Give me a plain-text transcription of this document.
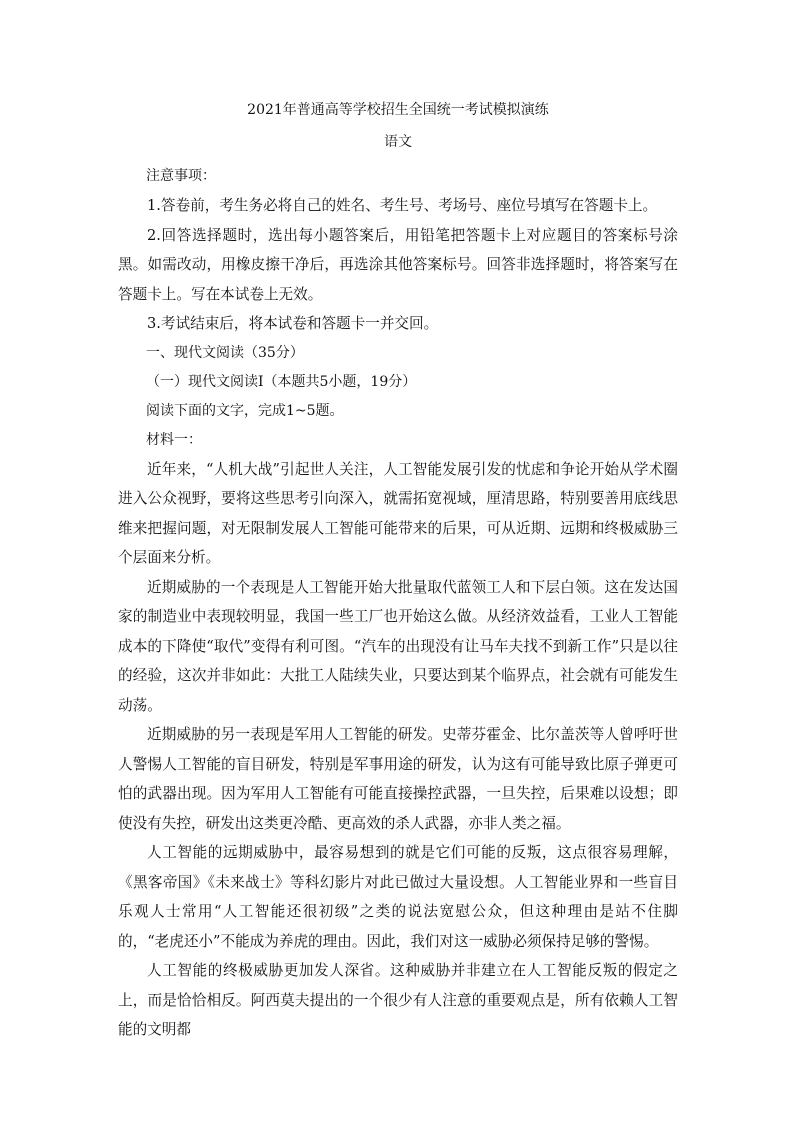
2021年普通高等学校招生全国统一考试模拟演练
语文

注意事项：

1.答卷前，考生务必将自己的姓名、考生号、考场号、座位号填写在答题卡上。

2.回答选择题时，选出每小题答案后，用铅笔把答题卡上对应题目的答案标号涂黑。如需改动，用橡皮擦干净后，再选涂其他答案标号。回答非选择题时，将答案写在答题卡上。写在本试卷上无效。

3.考试结束后，将本试卷和答题卡一并交回。

一、现代文阅读（35分）

（一）现代文阅读Ⅰ（本题共5小题，19分）

阅读下面的文字，完成1~5题。

材料一：

近年来，“人机大战”引起世人关注，人工智能发展引发的忧虑和争论开始从学术圈进入公众视野，要将这些思考引向深入，就需拓宽视域，厘清思路，特别要善用底线思维来把握问题，对无限制发展人工智能可能带来的后果，可从近期、远期和终极威胁三个层面来分析。

近期威胁的一个表现是人工智能开始大批量取代蓝领工人和下层白领。这在发达国家的制造业中表现较明显，我国一些工厂也开始这么做。从经济效益看，工业人工智能成本的下降使“取代”变得有利可图。“汽车的出现没有让马车夫找不到新工作”只是以往的经验，这次并非如此：大批工人陆续失业，只要达到某个临界点，社会就有可能发生动荡。

近期威胁的另一表现是军用人工智能的研发。史蒂芬霍金、比尔盖茨等人曾呼吁世人警惕人工智能的盲目研发，特别是军事用途的研发，认为这有可能导致比原子弹更可怕的武器出现。因为军用人工智能有可能直接操控武器，一旦失控，后果难以设想；即使没有失控，研发出这类更冷酷、更高效的杀人武器，亦非人类之福。

人工智能的远期威胁中，最容易想到的就是它们可能的反叛，这点很容易理解，《黑客帝国》《未来战士》等科幻影片对此已做过大量设想。人工智能业界和一些盲目乐观人士常用“人工智能还很初级”之类的说法宽慰公众，但这种理由是站不住脚的，“老虎还小”不能成为养虎的理由。因此，我们对这一威胁必须保持足够的警惕。

人工智能的终极威胁更加发人深省。这种威胁并非建立在人工智能反叛的假定之上，而是恰恰相反。阿西莫夫提出的一个很少有人注意的重要观点是，所有依赖人工智能的文明都
